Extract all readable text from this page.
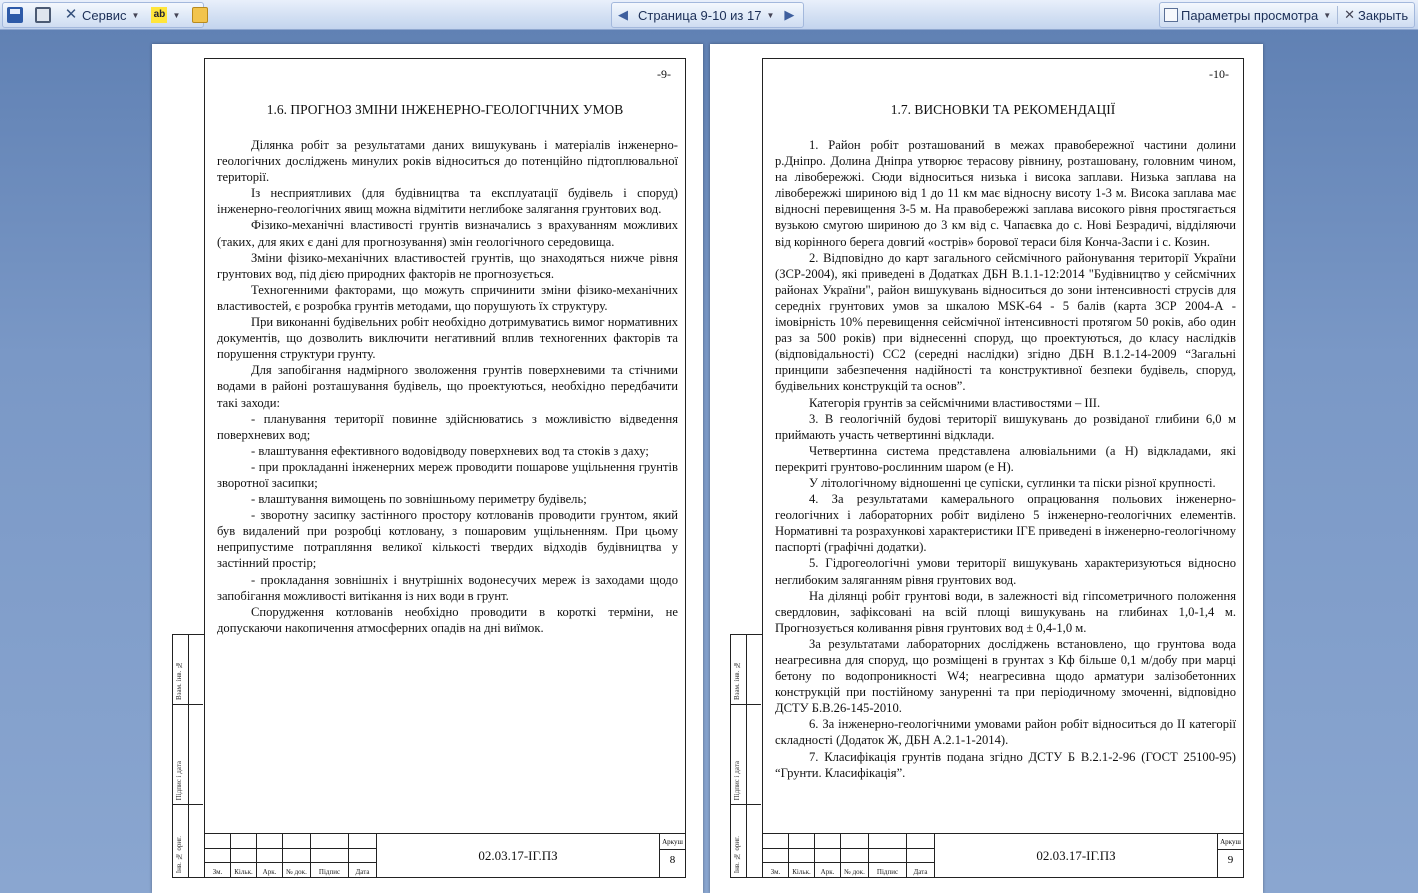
✕ Сервис ▼ ab ▼	◀ Страница 9-10 из 17 ▼ ▶	Параметры просмотра ▼ ✕ Закрыть
Взам. інв. №
Підпис і дата
Інв. № ориг.
-9-
1.6. ПРОГНОЗ ЗМІНИ ІНЖЕНЕРНО-ГЕОЛОГІЧНИХ УМОВ

Ділянка робіт за результатами даних вишукувань і матеріалів інженерно-геологічних досліджень минулих років відноситься до потенційно підтоплювальної території.

Із несприятливих (для будівництва та експлуатації будівель і споруд) інженерно-геологічних явищ можна відмітити неглибоке залягання грунтових вод.

Фізико-механічні властивості грунтів визначались з врахуванням можливих (таких, для яких є дані для прогнозування) змін геологічного середовища.

Зміни фізико-механічних властивостей грунтів, що знаходяться нижче рівня грунтових вод, під дією природних факторів не прогнозується.

Техногенними факторами, що можуть спричинити зміни фізико-механічних властивостей, є розробка грунтів методами, що порушують їх структуру.

При виконанні будівельних робіт необхідно дотримуватись вимог нормативних документів, що дозволить виключити негативний вплив техногенних факторів та порушення структури грунту.

Для запобігання надмірного зволоження грунтів поверхневими та стічними водами в районі розташування будівель, що проектуються, необхідно передбачити такі заходи:

- планування території повинне здійснюватись з можливістю відведення поверхневих вод;

- влаштування ефективного водовідводу поверхневих вод та стоків з даху;

- при прокладанні інженерних мереж проводити пошарове ущільнення грунтів зворотної засипки;

- влаштування вимощень по зовнішньому периметру будівель;

- зворотну засипку застінного простору котлованів проводити грунтом, який був видалений при розробці котловану, з пошаровим ущільненням. При цьому неприпустиме потрапляння великої кількості твердих відходів будівництва у застінний простір;

- прокладання зовнішніх і внутрішніх водонесучих мереж із заходами щодо запобігання можливості витікання із них води в грунт.

Спорудження котлованів необхідно проводити в короткі терміни, не допускаючи накопичення атмосферних опадів на дні виїмок.

Зм.	Кільк.	Арк.	№ док.	Підпис	Дата
02.03.17-ІГ.ПЗ
Аркуш
8
Взам. інв. №
Підпис і дата
Інв. № ориг.
-10-
1.7. ВИСНОВКИ ТА РЕКОМЕНДАЦІЇ

1. Район робіт розташований в межах правобережної частини долини р.Дніпро. Долина Дніпра утворює терасову рівнину, розташовану, головним чином, на лівобережжі. Сюди відноситься низька і висока заплави. Низька заплава на лівобережжі шириною від 1 до 11 км має відносну висоту 1-3 м. Висока заплава має відносні перевищення 3-5 м. На правобережжі заплава високого рівня простягається вузькою смугою шириною до 3 км від с. Чапаєвка до с. Нові Безрадичі, відділяючи від корінного берега довгий «острів» борової тераси біля Конча-Заспи і с. Козин.

2. Відповідно до карт загального сейсмічного районування території України (ЗСР-2004), які приведені в Додатках ДБН В.1.1-12:2014 "Будівництво у сейсмічних районах України", район вишукувань відноситься до зони інтенсивності струсів для середніх грунтових умов за шкалою MSK-64 - 5 балів (карта ЗСР 2004-А - імовірність 10% перевищення сейсмічної інтенсивності протягом 50 років, або один раз за 500 років) при віднесенні споруд, що проектуються, до класу наслідків (відповідальності) СС2 (середні наслідки) згідно ДБН В.1.2-14-2009 “Загальні принципи забезпечення надійності та конструктивної безпеки будівель, споруд, будівельних конструкцій та основ”.

Категорія грунтів за сейсмічними властивостями – ІІІ.

3. В геологічній будові території вишукувань до розвіданої глибини 6,0 м приймають участь четвертинні відклади.

Четвертинна система представлена алювіальними (а Н) відкладами, які перекриті грунтово-рослинним шаром (е Н).

У літологічному відношенні це супіски, суглинки та піски різної крупності.

4. За результатами камерального опрацювання польових інженерно-геологічних і лабораторних робіт виділено 5 інженерно-геологічних елементів. Нормативні та розрахункові характеристики ІГЕ приведені в інженерно-геологічному паспорті (графічні додатки).

5. Гідрогеологічні умови території вишукувань характеризуються відносно неглибоким заляганням рівня грунтових вод.

На ділянці робіт грунтові води, в залежності від гіпсометричного положення свердловин, зафіксовані на всій площі вишукувань на глибинах 1,0-1,4 м. Прогнозується коливання рівня грунтових вод ± 0,4-1,0 м.

За результатами лабораторних досліджень встановлено, що грунтова вода неагресивна для споруд, що розміщені в грунтах з Кф більше 0,1 м/добу при марці бетону по водопроникності W4; неагресивна щодо арматури залізобетонних конструкцій при постійному зануренні та при періодичному змоченні, відповідно ДСТУ Б.В.26-145-2010.

6. За інженерно-геологічними умовами район робіт відноситься до ІІ категорії складності (Додаток Ж, ДБН А.2.1-1-2014).

7. Класифікація грунтів подана згідно ДСТУ Б В.2.1-2-96 (ГОСТ 25100-95) “Грунти. Класифікація”.

Зм.	Кільк.	Арк.	№ док.	Підпис	Дата
02.03.17-ІГ.ПЗ
Аркуш
9
